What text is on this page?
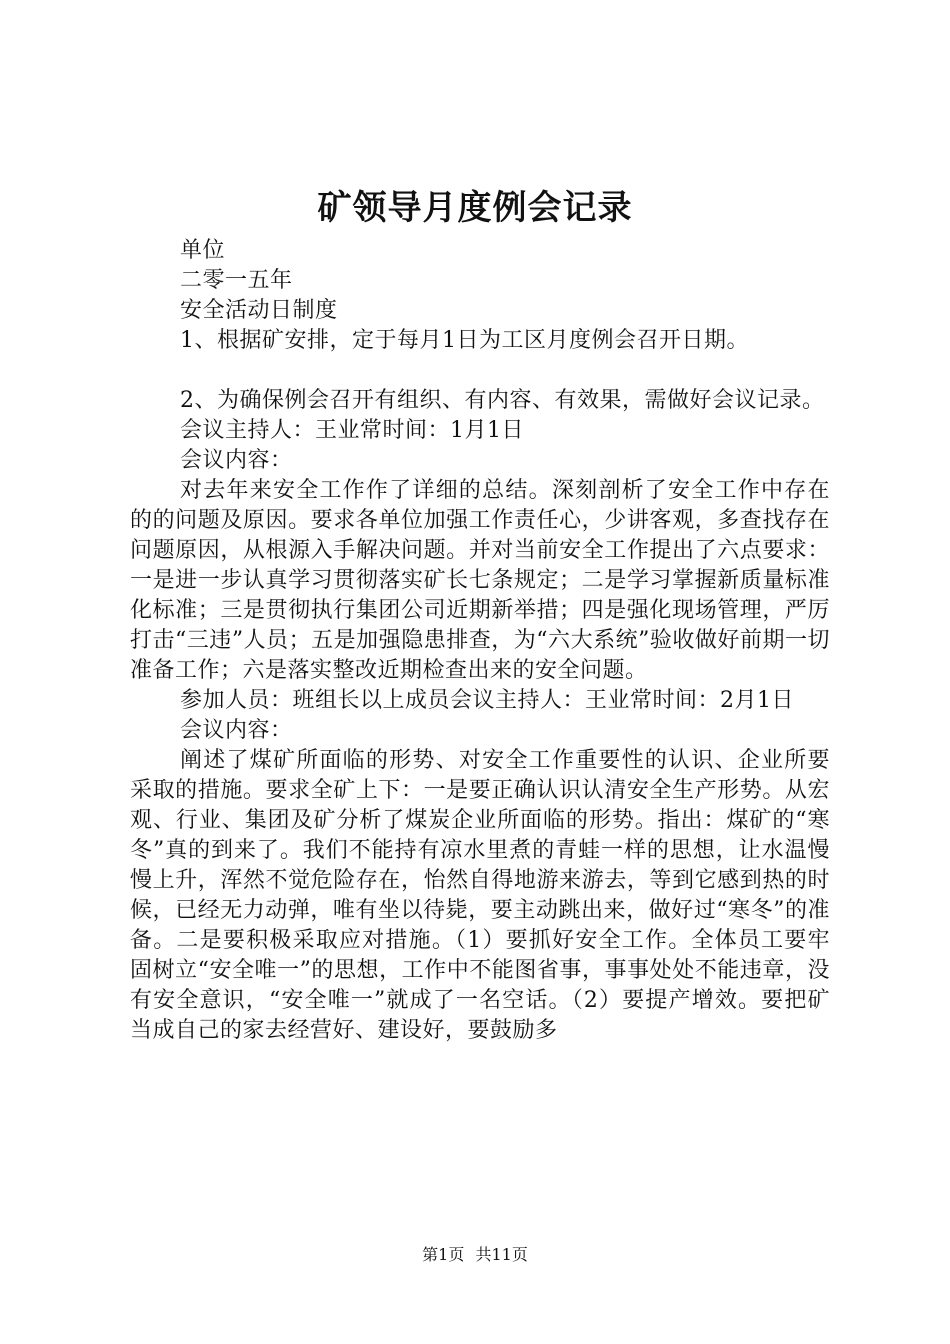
矿领导月度例会记录

单位

二零一五年

安全活动日制度

1、根据矿安排，定于每月1日为工区月度例会召开日期。

2、为确保例会召开有组织、有内容、有效果，需做好会议记录。

会议主持人：王业常时间：1月1日

会议内容：

对去年来安全工作作了详细的总结。深刻剖析了安全工作中存在的的问题及原因。要求各单位加强工作责任心，少讲客观，多查找存在问题原因，从根源入手解决问题。并对当前安全工作提出了六点要求：一是进一步认真学习贯彻落实矿长七条规定；二是学习掌握新质量标准化标准；三是贯彻执行集团公司近期新举措；四是强化现场管理，严厉打击“三违”人员；五是加强隐患排查，为“六大系统”验收做好前期一切准备工作；六是落实整改近期检查出来的安全问题。

参加人员：班组长以上成员会议主持人：王业常时间：2月1日

会议内容：

阐述了煤矿所面临的形势、对安全工作重要性的认识、企业所要采取的措施。要求全矿上下：一是要正确认识认清安全生产形势。从宏观、行业、集团及矿分析了煤炭企业所面临的形势。指出：煤矿的“寒冬”真的到来了。我们不能持有凉水里煮的青蛙一样的思想，让水温慢慢上升，浑然不觉危险存在，怡然自得地游来游去，等到它感到热的时候，已经无力动弹，唯有坐以待毙，要主动跳出来，做好过“寒冬”的准备。二是要积极采取应对措施。（1）要抓好安全工作。全体员工要牢固树立“安全唯一”的思想，工作中不能图省事，事事处处不能违章，没有安全意识，“安全唯一”就成了一名空话。（2）要提产增效。要把矿当成自己的家去经营好、建设好，要鼓励多

第1页 共11页
